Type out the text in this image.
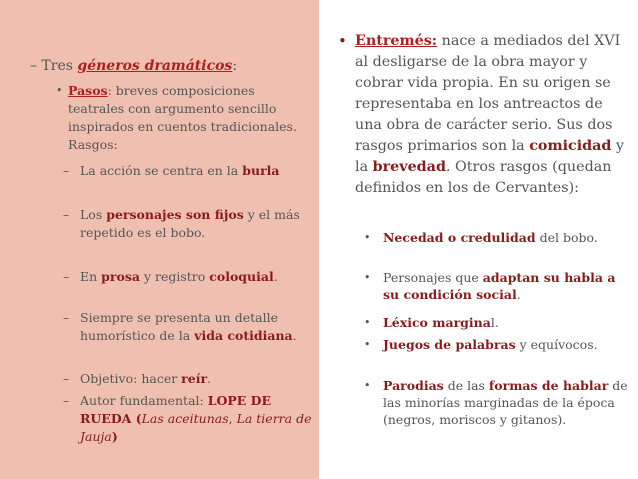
– Tres géneros dramáticos:
• Pasos: breves composiciones teatrales con argumento sencillo inspirados en cuentos tradicionales. Rasgos:
– La acción se centra en la burla
– Los personajes son fijos y el más repetido es el bobo.
– En prosa y registro coloquial.
– Siempre se presenta un detalle humorístico de la vida cotidiana.
– Objetivo: hacer reír.
– Autor fundamental: LOPE DE RUEDA (Las aceitunas, La tierra de Jauja)
• Entremés: nace a mediados del XVI al desligarse de la obra mayor y cobrar vida propia. En su origen se representaba en los antreactos de una obra de carácter serio. Sus dos rasgos primarios son la comicidad y la brevedad. Otros rasgos (quedan definidos en los de Cervantes):
• Necedad o credulidad del bobo.
• Personajes que adaptan su habla a su condición social.
• Léxico marginal.
• Juegos de palabras y equívocos.
• Parodias de las formas de hablar de las minorías marginadas de la época (negros, moriscos y gitanos).
